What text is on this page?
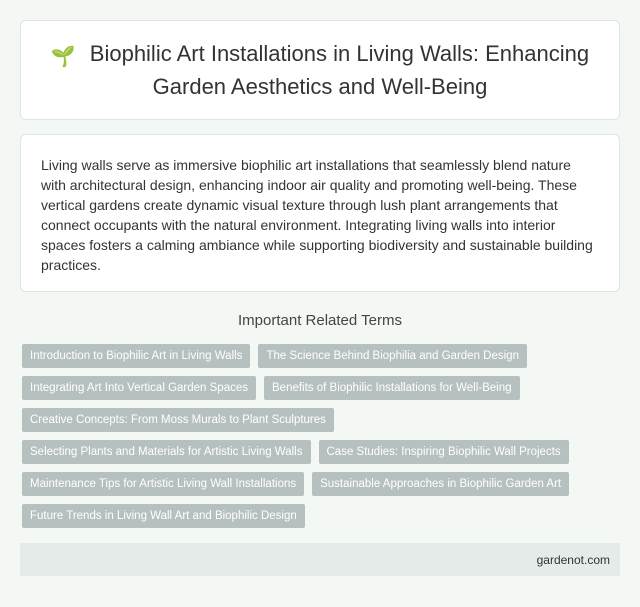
🌱 Biophilic Art Installations in Living Walls: Enhancing Garden Aesthetics and Well-Being

Living walls serve as immersive biophilic art installations that seamlessly blend nature with architectural design, enhancing indoor air quality and promoting well-being. These vertical gardens create dynamic visual texture through lush plant arrangements that connect occupants with the natural environment. Integrating living walls into interior spaces fosters a calming ambiance while supporting biodiversity and sustainable building practices.

Important Related Terms
Introduction to Biophilic Art in Living Walls	The Science Behind Biophilia and Garden Design
Integrating Art Into Vertical Garden Spaces	Benefits of Biophilic Installations for Well-Being
Creative Concepts: From Moss Murals to Plant Sculptures
Selecting Plants and Materials for Artistic Living Walls	Case Studies: Inspiring Biophilic Wall Projects
Maintenance Tips for Artistic Living Wall Installations	Sustainable Approaches in Biophilic Garden Art
Future Trends in Living Wall Art and Biophilic Design
gardenot.com
